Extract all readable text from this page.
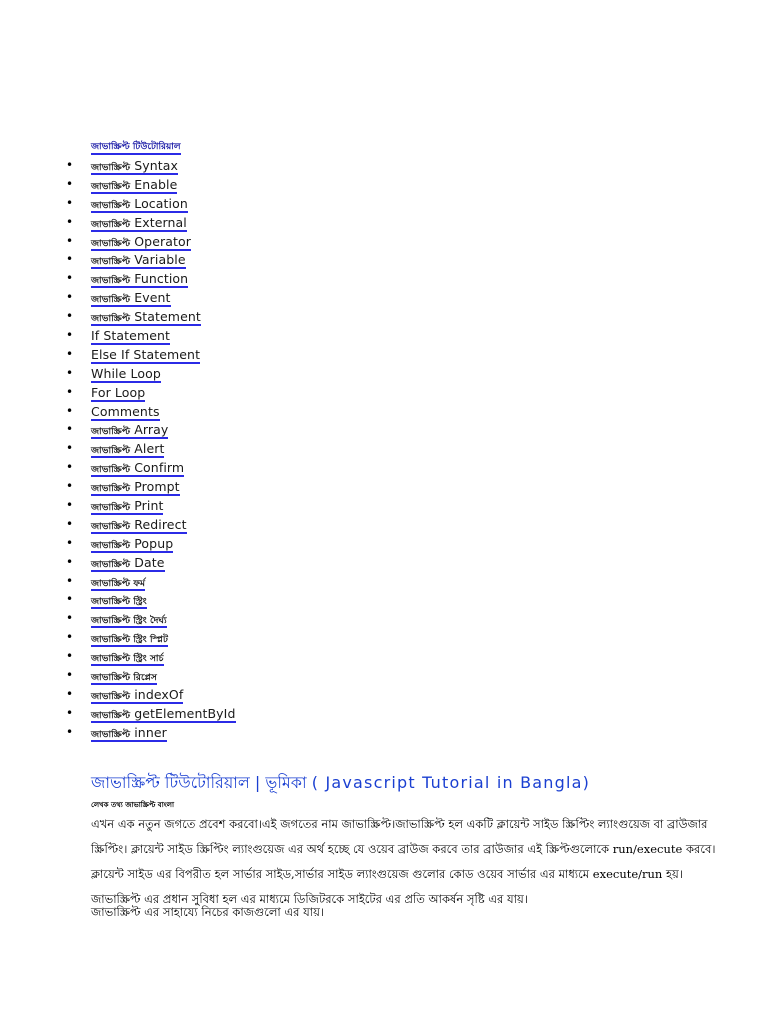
জাভাস্ক্রিপ্ট টিউটোরিয়াল
• জাভাস্ক্রিপ্ট Syntax
• জাভাস্ক্রিপ্ট Enable
• জাভাস্ক্রিপ্ট Location
• জাভাস্ক্রিপ্ট External
• জাভাস্ক্রিপ্ট Operator
• জাভাস্ক্রিপ্ট Variable
• জাভাস্ক্রিপ্ট Function
• জাভাস্ক্রিপ্ট Event
• জাভাস্ক্রিপ্ট Statement
• If Statement
• Else If Statement
• While Loop
• For Loop
• Comments
• জাভাস্ক্রিপ্ট Array
• জাভাস্ক্রিপ্ট Alert
• জাভাস্ক্রিপ্ট Confirm
• জাভাস্ক্রিপ্ট Prompt
• জাভাস্ক্রিপ্ট Print
• জাভাস্ক্রিপ্ট Redirect
• জাভাস্ক্রিপ্ট Popup
• জাভাস্ক্রিপ্ট Date
• জাভাস্ক্রিপ্ট ফর্ম
• জাভাস্ক্রিপ্ট স্ট্রিং
• জাভাস্ক্রিপ্ট স্ট্রিং দৈর্ঘ্য
• জাভাস্ক্রিপ্ট স্ট্রিং স্প্লিট
• জাভাস্ক্রিপ্ট স্ট্রিং সার্চ
• জাভাস্ক্রিপ্ট রিপ্লেস
• জাভাস্ক্রিপ্ট indexOf
• জাভাস্ক্রিপ্ট getElementById
• জাভাস্ক্রিপ্ট inner
জাভাস্ক্রিপ্ট টিউটোরিয়াল | ভূমিকা ( Javascript Tutorial in Bangla)
লেখক তথ্য জাভাস্ক্রিপ্ট বাংলা
এখন এক নতুন জগতে প্রবেশ করবো।এই জগতের নাম জাভাস্ক্রিপ্ট।জাভাস্ক্রিপ্ট হল একটি ক্লায়েন্ট সাইড স্ক্রিপ্টিং ল্যাংগুয়েজ বা ব্রাউজার স্ক্রিপ্টিং। ক্লায়েন্ট সাইড স্ক্রিপ্টিং ল্যাংগুয়েজ এর অর্থ হচ্ছে যে ওয়েব ব্রাউজ করবে তার ব্রাউজার এই স্ক্রিপ্টগুলোকে run/execute করবে।ক্লায়েন্ট সাইড এর বিপরীত হল সার্ভার সাইড,সার্ভার সাইড ল্যাংগুয়েজ গুলোর কোড ওয়েব সার্ভার এর মাধ্যমে execute/run হয়।জাভাস্ক্রিপ্ট এর প্রধান সুবিধা হল এর মাধ্যমে ডিজিটরকে সাইটের এর প্রতি আকর্ষন সৃষ্টি এর যায়।
জাভাস্ক্রিপ্ট এর সাহায্যে নিচের কাজগুলো এর যায়।
